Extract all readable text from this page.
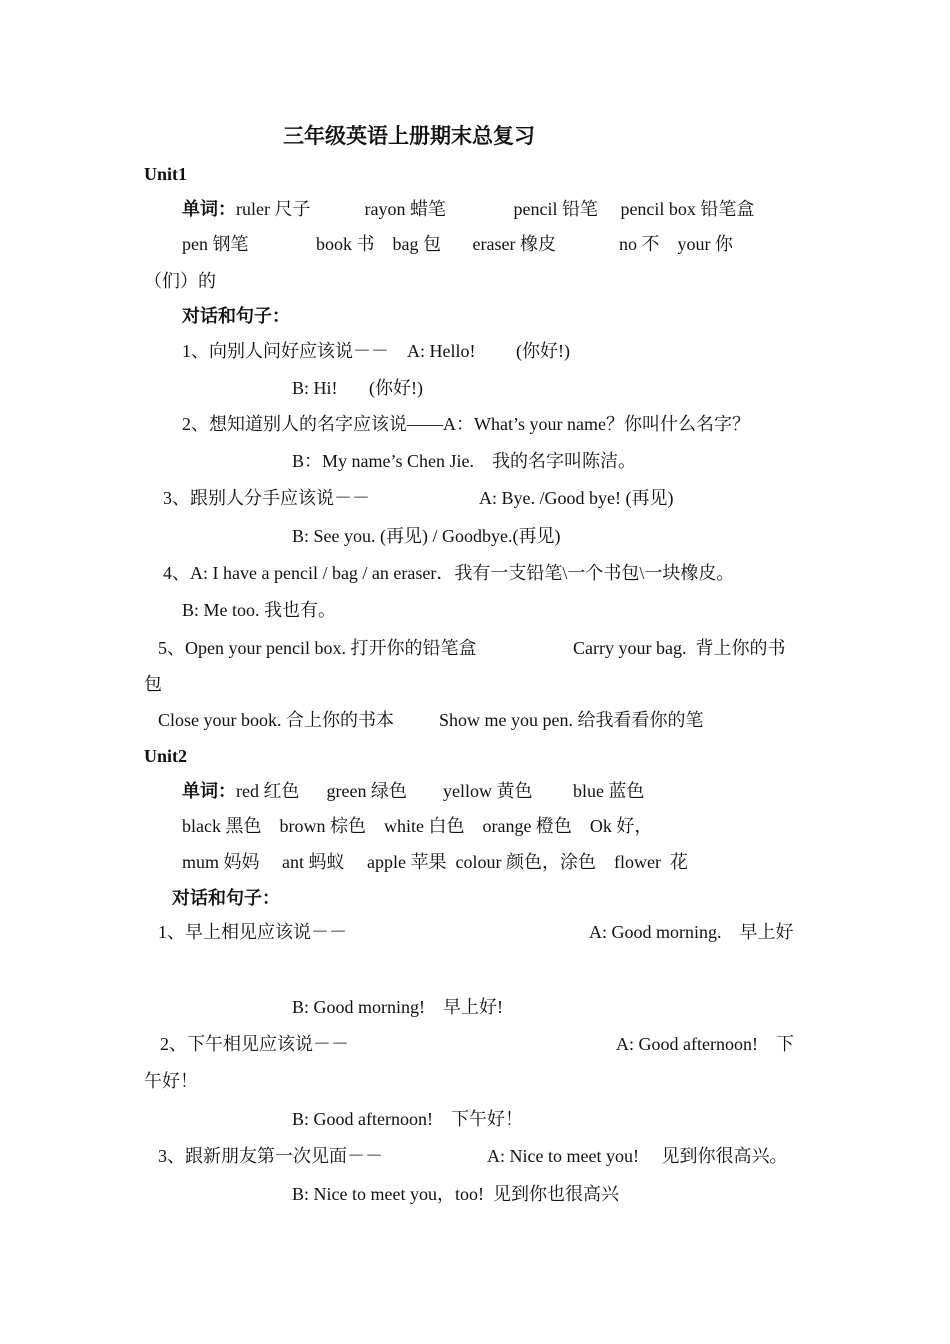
三年级英语上册期末总复习
Unit1
单词：ruler 尺子            rayon 蜡笔               pencil 铅笔     pencil box 铅笔盒
pen 钢笔               book 书    bag 包       eraser 橡皮              no 不    your 你
（们）的
对话和句子：
1、向别人问好应该说－－    A: Hello!         (你好!)
B: Hi!       (你好!)
2、想知道别人的名字应该说——A：What’s your name？你叫什么名字？
B：My name’s Chen Jie.    我的名字叫陈洁。
3、跟别人分手应该说－－	A: Bye. /Good bye! (再见)
B: See you. (再见) / Goodbye.(再见)
4、A: I have a pencil / bag / an eraser．我有一支铅笔\一个书包\一块橡皮。
B: Me too. 我也有。
5、Open your pencil box. 打开你的铅笔盒	Carry your bag.  背上你的书
包
Close your book. 合上你的书本          Show me you pen. 给我看看你的笔
Unit2
单词：red 红色      green 绿色        yellow 黄色         blue 蓝色
black 黑色    brown 棕色    white 白色    orange 橙色    Ok 好，
mum 妈妈     ant 蚂蚁     apple 苹果  colour 颜色，涂色    flower  花
对话和句子：
1、早上相见应该说－－	A: Good morning.    早上好
B: Good morning!    早上好!
2、下午相见应该说－－	A: Good afternoon!    下
午好！
B: Good afternoon!    下午好！
3、跟新朋友第一次见面－－	A: Nice to meet you!     见到你很高兴。
B: Nice to meet you，too!  见到你也很高兴
